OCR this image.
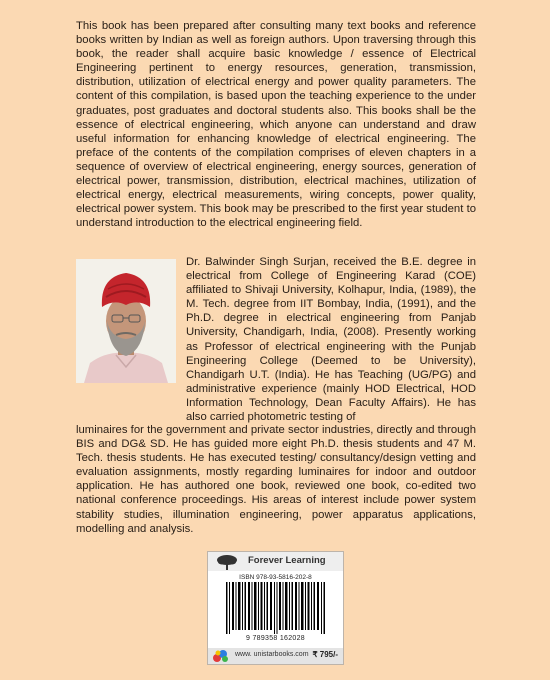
This book has been prepared after consulting many text books and reference books written by Indian as well as foreign authors. Upon traversing through this book, the reader shall acquire basic knowledge / essence of Electrical Engineering pertinent to energy resources, generation, transmission, distribution, utilization of electrical energy and power quality parameters. The content of this compilation, is based upon the teaching experience to the under graduates, post graduates and doctoral students also. This books shall be the essence of electrical engineering, which anyone can understand and draw useful information for enhancing knowledge of electrical engineering. The preface of the contents of the compilation comprises of eleven chapters in a sequence of overview of electrical engineering, energy sources, generation of electrical power, transmission, distribution, electrical machines, utilization of electrical energy, electrical measurements, wiring concepts, power quality, electrical power system. This book may be prescribed to the first year student to understand introduction to the electrical engineering field.
Dr. Balwinder Singh Surjan, received the B.E. degree in electrical from College of Engineering Karad (COE) affiliated to Shivaji University, Kolhapur, India, (1989), the M. Tech. degree from IIT Bombay, India, (1991), and the Ph.D. degree in electrical engineering from Panjab University, Chandigarh, India, (2008). Presently working as Professor of electrical engineering with the Punjab Engineering College (Deemed to be University), Chandigarh U.T. (India). He has Teaching (UG/PG) and administrative experience (mainly HOD Electrical, HOD Information Technology, Dean Faculty Affairs). He has also carried photometric testing of
luminaires for the government and private sector industries, directly and through BIS and DG& SD. He has guided more eight Ph.D. thesis students and 47 M. Tech. thesis students. He has executed testing/ consultancy/design vetting and evaluation assignments, mostly regarding luminaires for indoor and outdoor application. He has authored one book, reviewed one book, co-edited two national conference proceedings. His areas of interest include power system stability studies, illumination engineering, power apparatus applications, modelling and analysis.
Forever Learning
ISBN 978-93-5816-202-8
9 789358 162028
www. unistarbooks.com ₹ 795/-
